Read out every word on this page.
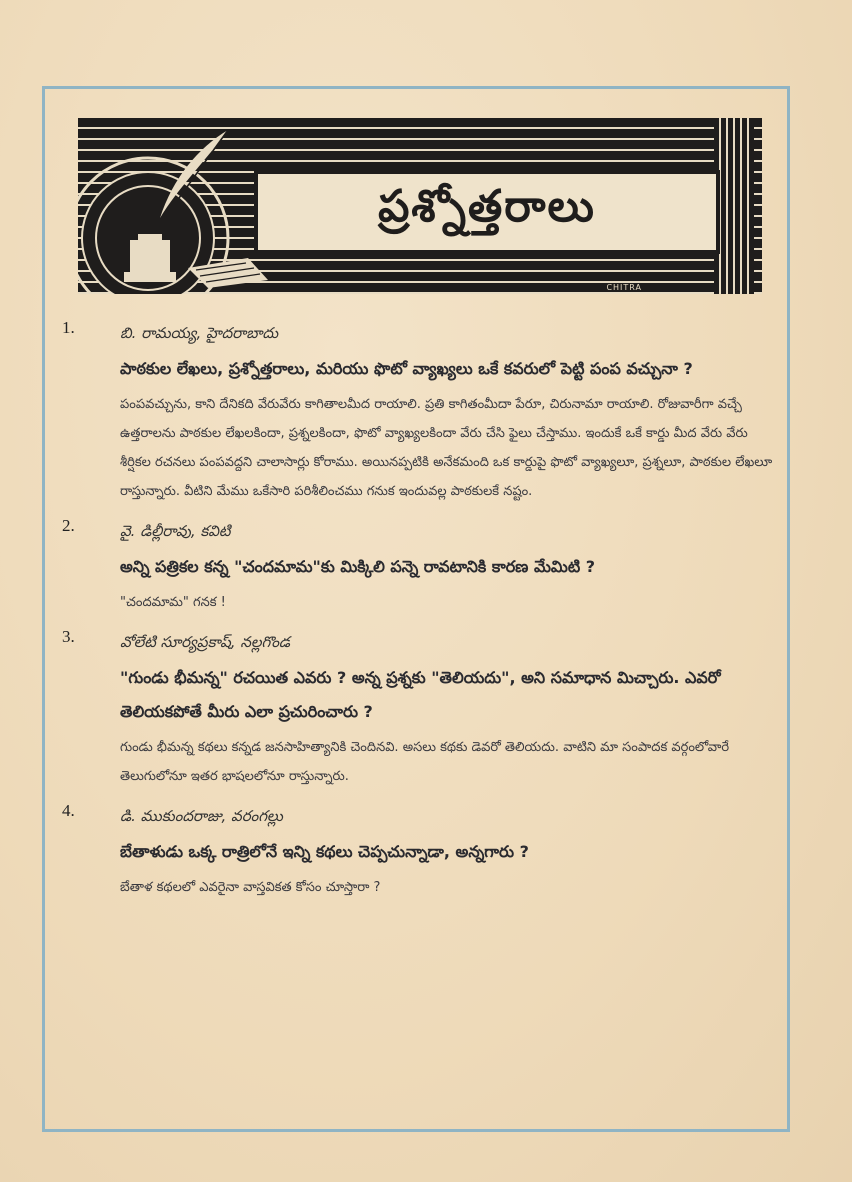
ప్రశ్నోత్తరాలు
CHITRA
1.	బి. రామయ్య, హైదరాబాదు
పాఠకుల లేఖలు, ప్రశ్నోత్తరాలు, మరియు ఫొటో వ్యాఖ్యలు ఒకే కవరులో పెట్టి పంప వచ్చునా ?
పంపవచ్చును, కాని దేనికది వేరువేరు కాగితాలమీద రాయాలి. ప్రతి కాగితంమీదా పేరూ, చిరునామా రాయాలి. రోజువారీగా వచ్చే ఉత్తరాలను పాఠకుల లేఖలకిందా, ప్రశ్నలకిందా, ఫొటో వ్యాఖ్యలకిందా వేరు చేసి ఫైలు చేస్తాము. ఇందుకే ఒకే కార్డు మీద వేరు వేరు శీర్షికల రచనలు పంపవద్దని చాలాసార్లు కోరాము. అయినప్పటికి అనేకమంది ఒక కార్డుపై ఫొటో వ్యాఖ్యలూ, ప్రశ్నలూ, పాఠకుల లేఖలూ రాస్తున్నారు. వీటిని మేము ఒకేసారి పరిశీలించము గనుక ఇందువల్ల పాఠకులకే నష్టం.
2.	వై. డిల్లీరావు, కవిటి
అన్ని పత్రికల కన్న "చందమామ"కు మిక్కిలి పన్నె రావటానికి కారణ మేమిటి ?
"చందమామ" గనక !
3.	వోలేటి సూర్యప్రకాష్, నల్లగొండ
"గుండు భీమన్న" రచయిత ఎవరు ? అన్న ప్రశ్నకు "తెలియదు", అని సమాధాన మిచ్చారు. ఎవరో తెలియకపోతే మీరు ఎలా ప్రచురించారు ?
గుండు భీమన్న కథలు కన్నడ జనసాహిత్యానికి చెందినవి. అసలు కథకు డెవరో తెలియదు. వాటిని మా సంపాదక వర్గంలోవారే తెలుగులోనూ ఇతర భాషలలోనూ రాస్తున్నారు.
4.	డి. ముకుందరాజు, వరంగల్లు
బేతాళుడు ఒక్క రాత్రిలోనే ఇన్ని కథలు చెప్పచున్నాడా, అన్నగారు ?
బేతాళ కథలలో ఎవరైనా వాస్తవికత కోసం చూస్తారా ?
